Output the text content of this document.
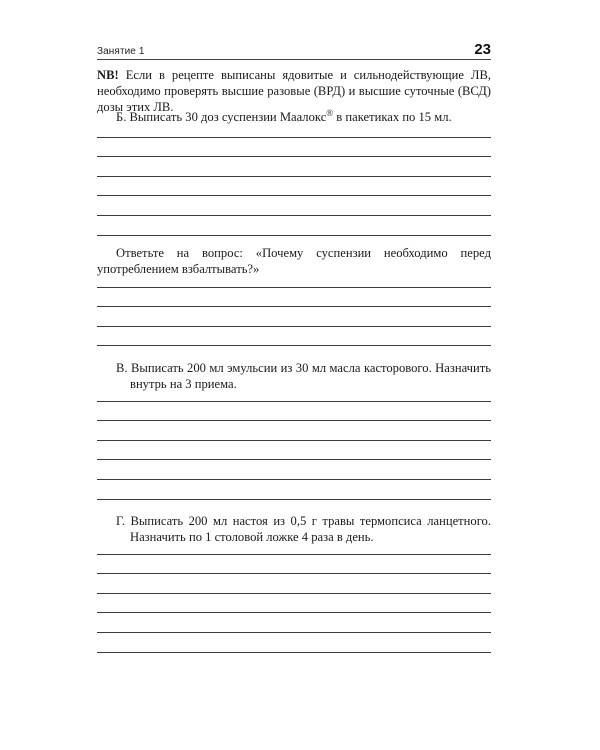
Занятие 1	23

NB! Если в рецепте выписаны ядовитые и сильнодействующие ЛВ, необходимо проверять высшие разовые (ВРД) и высшие суточные (ВСД) дозы этих ЛВ.

Б. Выписать 30 доз суспензии Маалокс® в пакетиках по 15 мл.

Ответьте на вопрос: «Почему суспензии необходимо перед употреблением взбалтывать?»

В. Выписать 200 мл эмульсии из 30 мл масла касторового. Назначить внутрь на 3 приема.

Г. Выписать 200 мл настоя из 0,5 г травы термопсиса ланцетного. Назначить по 1 столовой ложке 4 раза в день.
